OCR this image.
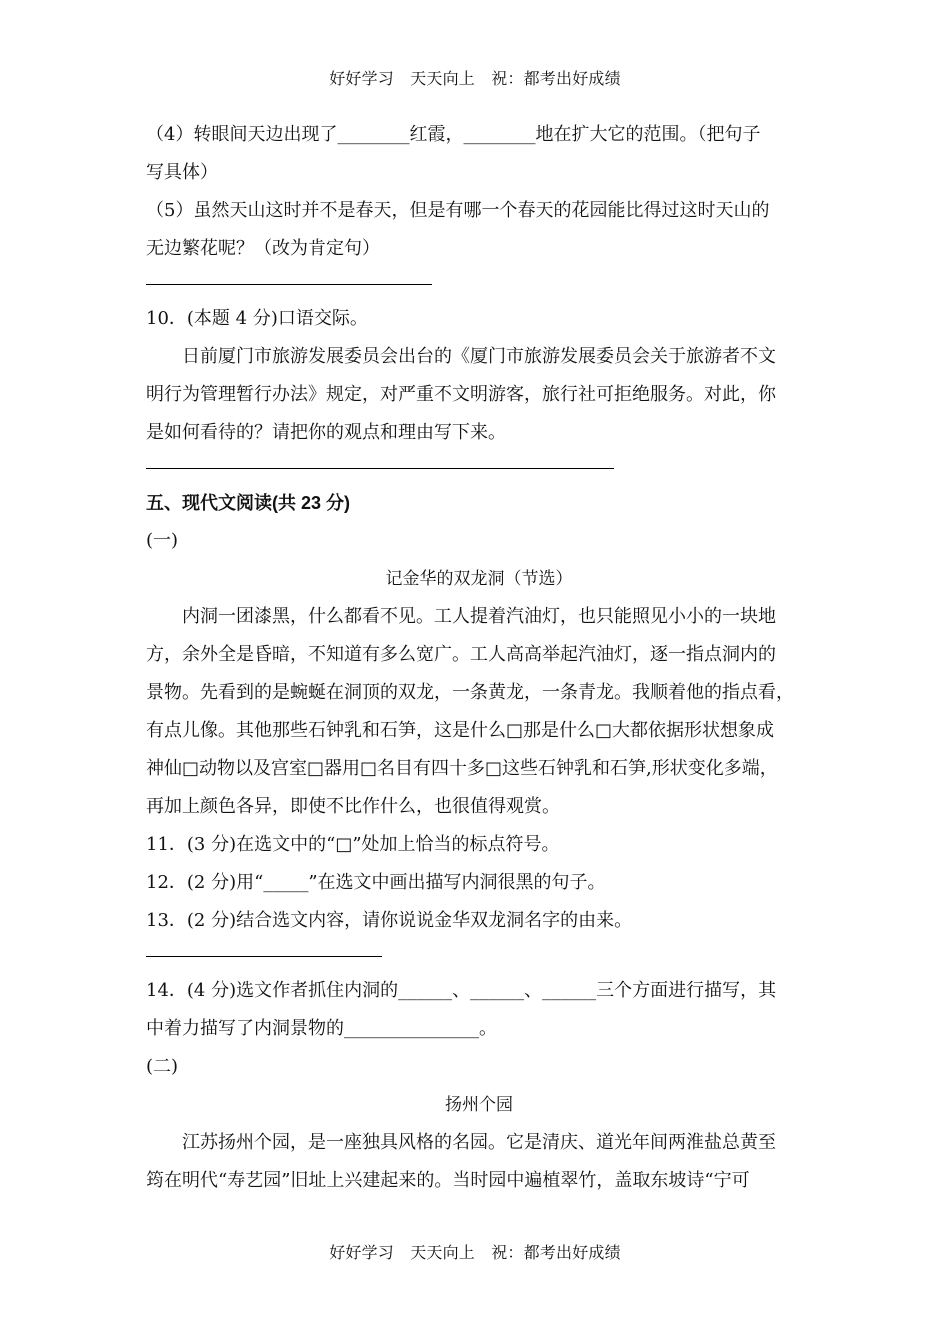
好好学习　天天向上　祝：都考出好成绩
（4）转眼间天边出现了________红霞，________地在扩大它的范围。（把句子
写具体）
（5）虽然天山这时并不是春天，但是有哪一个春天的花园能比得过这时天山的
无边繁花呢？（改为肯定句）
10．(本题 4 分)口语交际。
日前厦门市旅游发展委员会出台的《厦门市旅游发展委员会关于旅游者不文
明行为管理暂行办法》规定，对严重不文明游客，旅行社可拒绝服务。对此，你
是如何看待的？请把你的观点和理由写下来。
五、现代文阅读(共 23 分)
(一)
记金华的双龙洞（节选）
内洞一团漆黑，什么都看不见。工人提着汽油灯，也只能照见小小的一块地
方，余外全是昏暗，不知道有多么宽广。工人高高举起汽油灯，逐一指点洞内的
景物。先看到的是蜿蜒在洞顶的双龙，一条黄龙，一条青龙。我顺着他的指点看，
有点儿像。其他那些石钟乳和石笋，这是什么□那是什么□大都依据形状想象成
神仙□动物以及宫室□器用□名目有四十多□这些石钟乳和石笋,形状变化多端，
再加上颜色各异，即使不比作什么，也很值得观赏。
11．(3 分)在选文中的“□”处加上恰当的标点符号。
12．(2 分)用“_____”在选文中画出描写内洞很黑的句子。
13．(2 分)结合选文内容，请你说说金华双龙洞名字的由来。
14．(4 分)选文作者抓住内洞的______、______、______三个方面进行描写，其
中着力描写了内洞景物的_______________。
(二)
扬州个园
江苏扬州个园，是一座独具风格的名园。它是清庆、道光年间两淮盐总黄至
筠在明代“寿艺园”旧址上兴建起来的。当时园中遍植翠竹，盖取东坡诗“宁可
好好学习　天天向上　祝：都考出好成绩
